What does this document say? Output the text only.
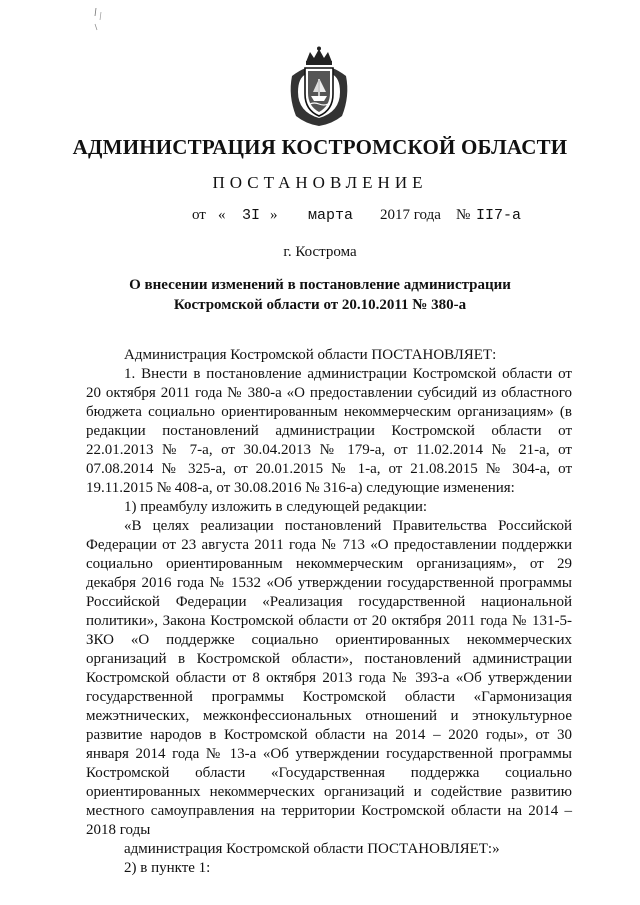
АДМИНИСТРАЦИЯ КОСТРОМСКОЙ ОБЛАСТИ
ПОСТАНОВЛЕНИЕ
от « 3I » марта 2017 года № II7-а
г. Кострома
О внесении изменений в постановление администрации
Костромской области от 20.10.2011 № 380-а

Администрация Костромской области ПОСТАНОВЛЯЕТ:

1. Внести в постановление администрации Костромской области от 20 октября 2011 года № 380-а «О предоставлении субсидий из областного бюджета социально ориентированным некоммерческим организациям» (в редакции постановлений администрации Костромской области от 22.01.2013 № 7-а, от 30.04.2013 № 179-а, от 11.02.2014 № 21-а, от 07.08.2014 № 325-а, от 20.01.2015 № 1-а, от 21.08.2015 № 304-а, от 19.11.2015 № 408-а, от 30.08.2016 № 316-а) следующие изменения:

1) преамбулу изложить в следующей редакции:

«В целях реализации постановлений Правительства Российской Федерации от 23 августа 2011 года № 713 «О предоставлении поддержки социально ориентированным некоммерческим организациям», от 29 декабря 2016 года № 1532 «Об утверждении государственной программы Российской Федерации «Реализация государственной национальной политики», Закона Костромской области от 20 октября 2011 года № 131-5-ЗКО «О поддержке социально ориентированных некоммерческих организаций в Костромской области», постановлений администрации Костромской области от 8 октября 2013 года № 393-а «Об утверждении государственной программы Костромской области «Гармонизация межэтнических, межконфессиональных отношений и этнокультурное развитие народов в Костромской области на 2014 – 2020 годы», от 30 января 2014 года № 13-а «Об утверждении государственной программы Костромской области «Государственная поддержка социально ориентированных некоммерческих организаций и содействие развитию местного самоуправления на территории Костромской области на 2014 – 2018 годы

администрация Костромской области ПОСТАНОВЛЯЕТ:»

2) в пункте 1:
